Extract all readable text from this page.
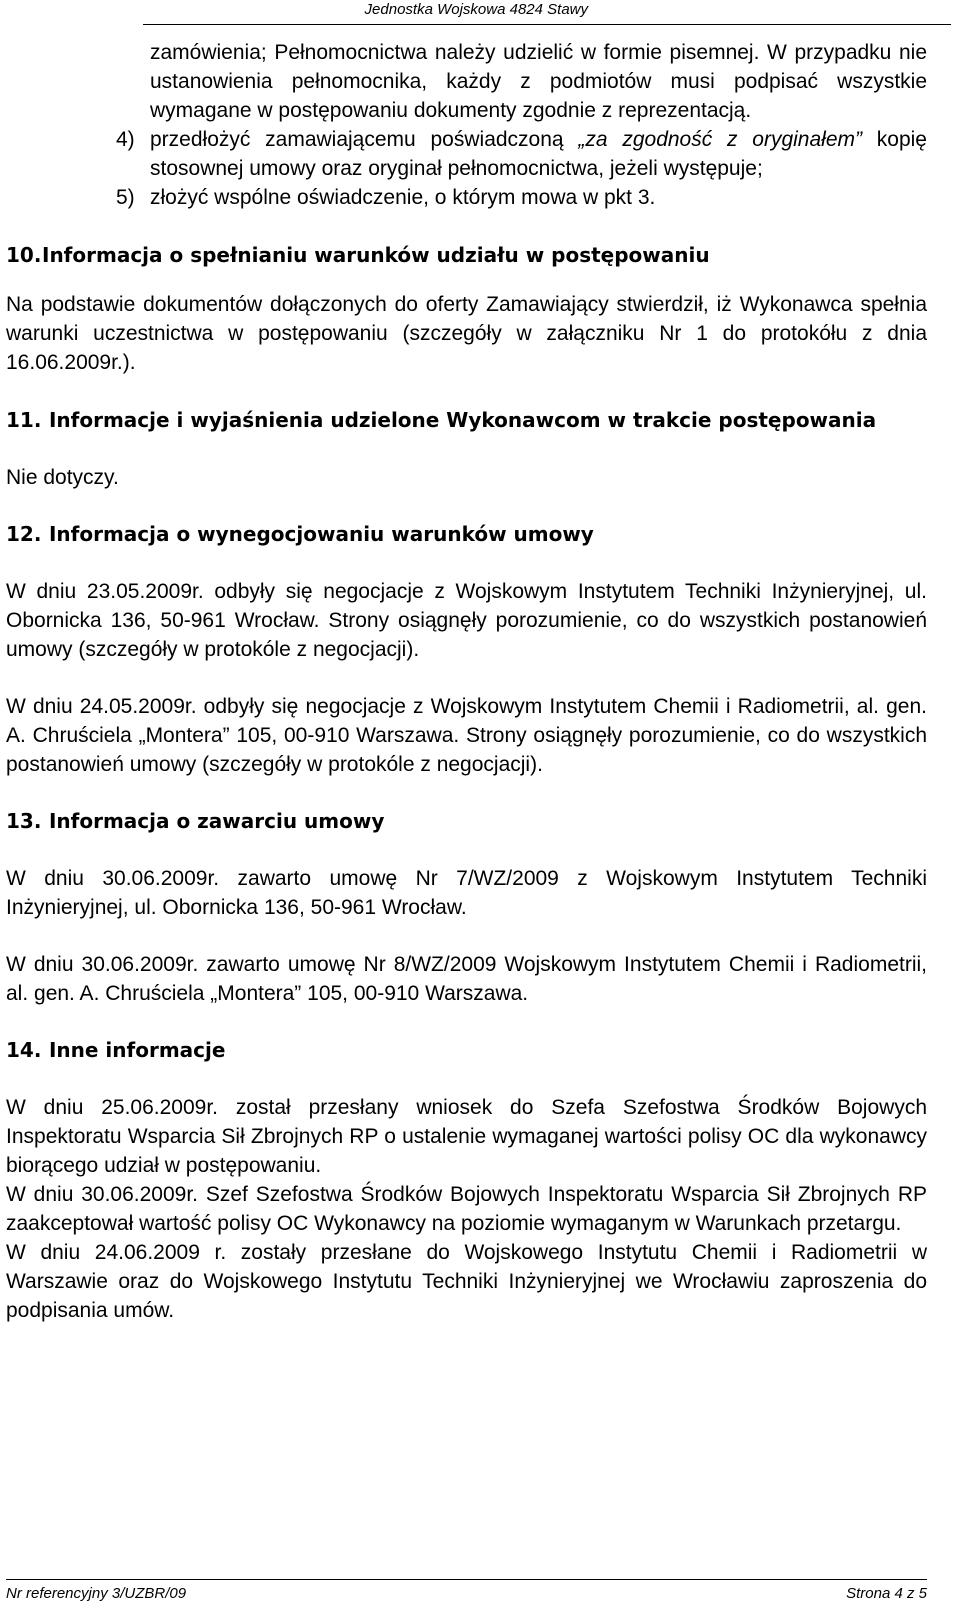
Jednostka Wojskowa 4824 Stawy

zamówienia; Pełnomocnictwa należy udzielić w formie pisemnej. W przypadku nie ustanowienia pełnomocnika, każdy z podmiotów musi podpisać wszystkie wymagane w postępowaniu dokumenty zgodnie z reprezentacją.

4) przedłożyć zamawiającemu poświadczoną „za zgodność z oryginałem” kopię stosownej umowy oraz oryginał pełnomocnictwa, jeżeli występuje;
5) złożyć wspólne oświadczenie, o którym mowa w pkt 3.
10.Informacja o spełnianiu warunków udziału w postępowaniu

Na podstawie dokumentów dołączonych do oferty Zamawiający stwierdził, iż Wykonawca spełnia warunki uczestnictwa w postępowaniu (szczegóły w załączniku Nr 1 do protokółu z dnia 16.06.2009r.).

11. Informacje i wyjaśnienia udzielone Wykonawcom w trakcie postępowania

Nie dotyczy.

12. Informacja o wynegocjowaniu warunków umowy

W dniu 23.05.2009r. odbyły się negocjacje z Wojskowym Instytutem Techniki Inżynieryjnej, ul. Obornicka 136, 50-961 Wrocław. Strony osiągnęły porozumienie, co do wszystkich postanowień umowy (szczegóły w protokóle z negocjacji).

W dniu 24.05.2009r. odbyły się negocjacje z Wojskowym Instytutem Chemii i Radiometrii, al. gen. A. Chruściela „Montera” 105, 00-910 Warszawa. Strony osiągnęły porozumienie, co do wszystkich postanowień umowy (szczegóły w protokóle z negocjacji).

13. Informacja o zawarciu umowy

W dniu 30.06.2009r. zawarto umowę Nr 7/WZ/2009 z Wojskowym Instytutem Techniki Inżynieryjnej, ul. Obornicka 136, 50-961 Wrocław.

W dniu 30.06.2009r. zawarto umowę Nr 8/WZ/2009 Wojskowym Instytutem Chemii i Radiometrii, al. gen. A. Chruściela „Montera” 105, 00-910 Warszawa.

14. Inne informacje

W dniu 25.06.2009r. został przesłany wniosek do Szefa Szefostwa Środków Bojowych Inspektoratu Wsparcia Sił Zbrojnych RP o ustalenie wymaganej wartości polisy OC dla wykonawcy biorącego udział w postępowaniu.

W dniu 30.06.2009r. Szef Szefostwa Środków Bojowych Inspektoratu Wsparcia Sił Zbrojnych RP zaakceptował wartość polisy OC Wykonawcy na poziomie wymaganym w Warunkach przetargu.

W dniu 24.06.2009 r. zostały przesłane do Wojskowego Instytutu Chemii i Radiometrii w Warszawie oraz do Wojskowego Instytutu Techniki Inżynieryjnej we Wrocławiu zaproszenia do podpisania umów.

Nr referencyjny 3/UZBR/09	Strona 4 z 5
